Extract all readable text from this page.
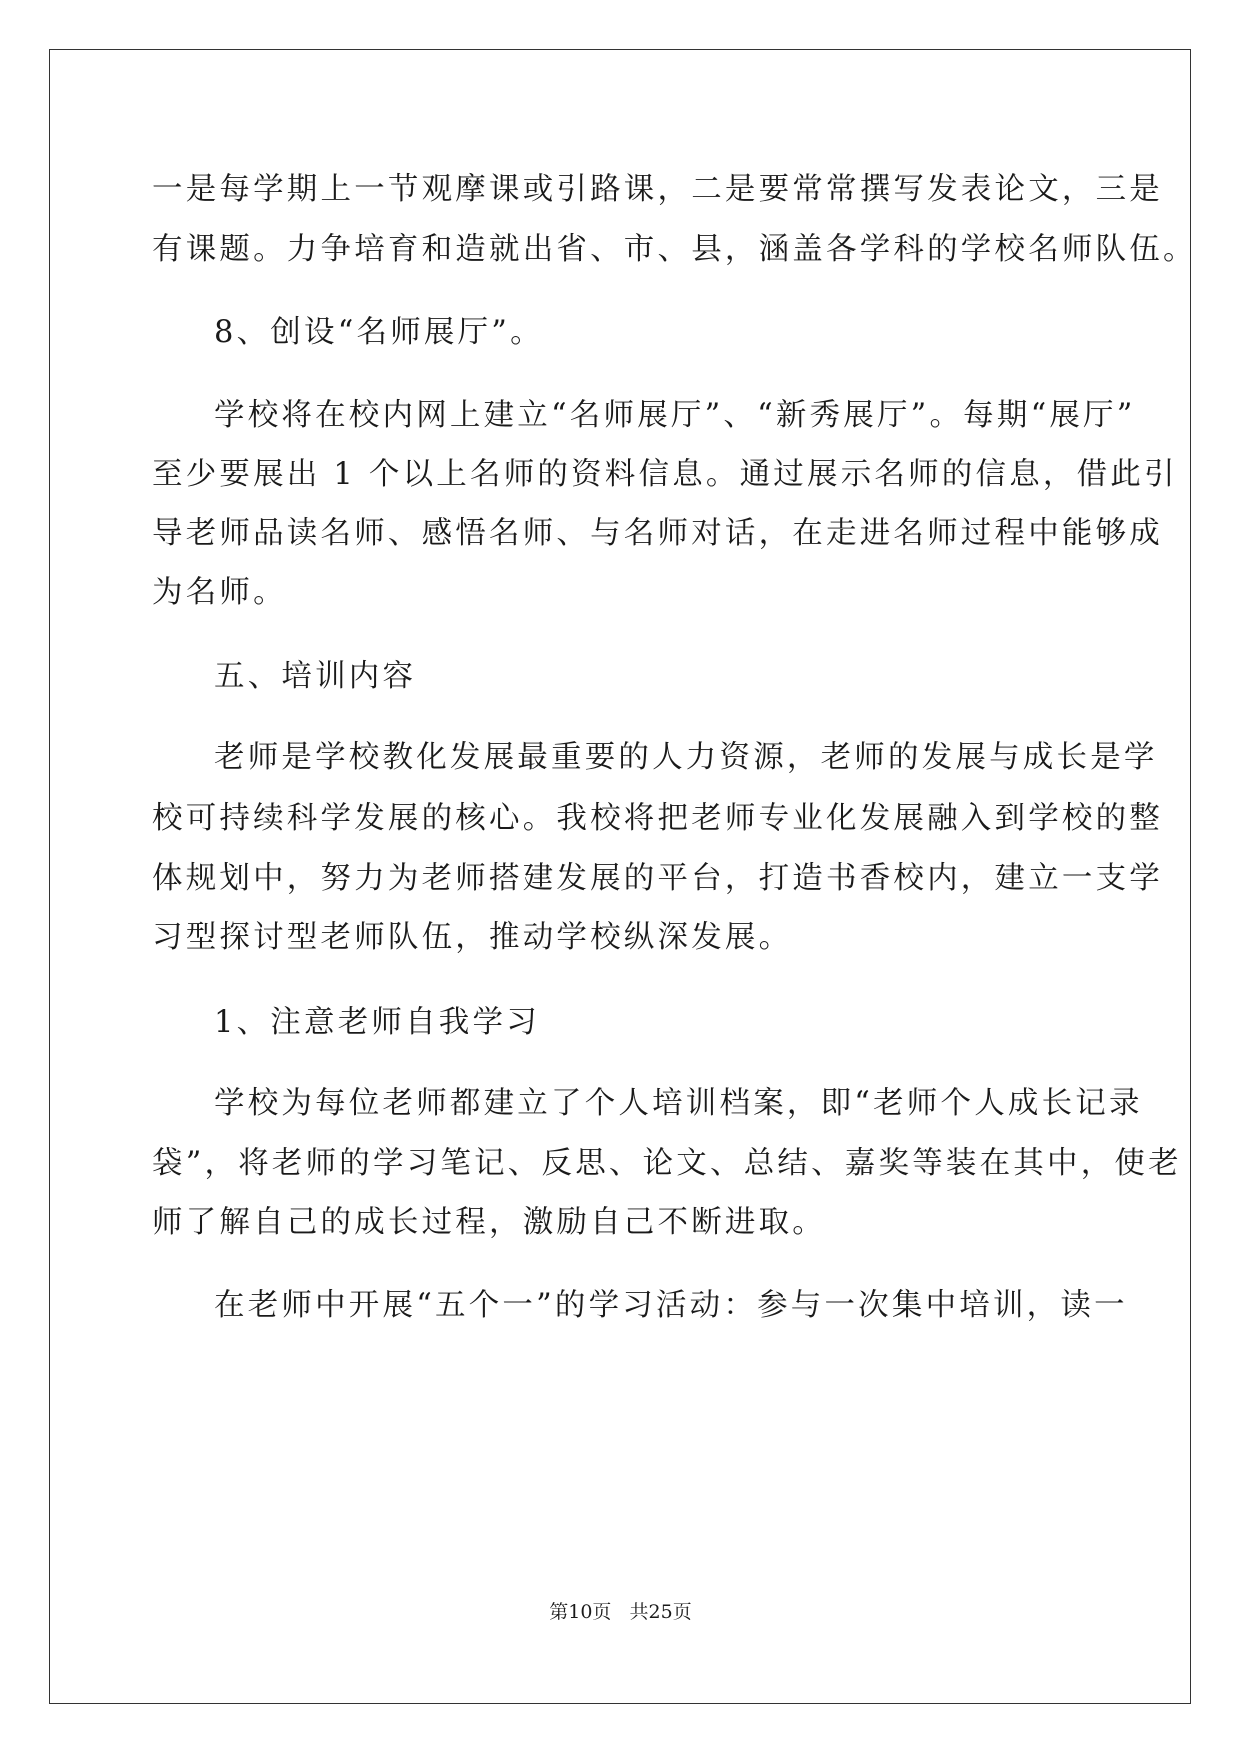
一是每学期上一节观摩课或引路课，二是要常常撰写发表论文，三是
有课题。力争培育和造就出省、市、县，涵盖各学科的学校名师队伍。
8、创设“名师展厅”。
学校将在校内网上建立“名师展厅”、“新秀展厅”。每期“展厅”
至少要展出 1 个以上名师的资料信息。通过展示名师的信息，借此引
导老师品读名师、感悟名师、与名师对话，在走进名师过程中能够成
为名师。
五、培训内容
老师是学校教化发展最重要的人力资源，老师的发展与成长是学
校可持续科学发展的核心。我校将把老师专业化发展融入到学校的整
体规划中，努力为老师搭建发展的平台，打造书香校内，建立一支学
习型探讨型老师队伍，推动学校纵深发展。
1、注意老师自我学习
学校为每位老师都建立了个人培训档案，即“老师个人成长记录
袋”，将老师的学习笔记、反思、论文、总结、嘉奖等装在其中，使老
师了解自己的成长过程，激励自己不断进取。
在老师中开展“五个一”的学习活动：参与一次集中培训，读一
第10页   共25页
